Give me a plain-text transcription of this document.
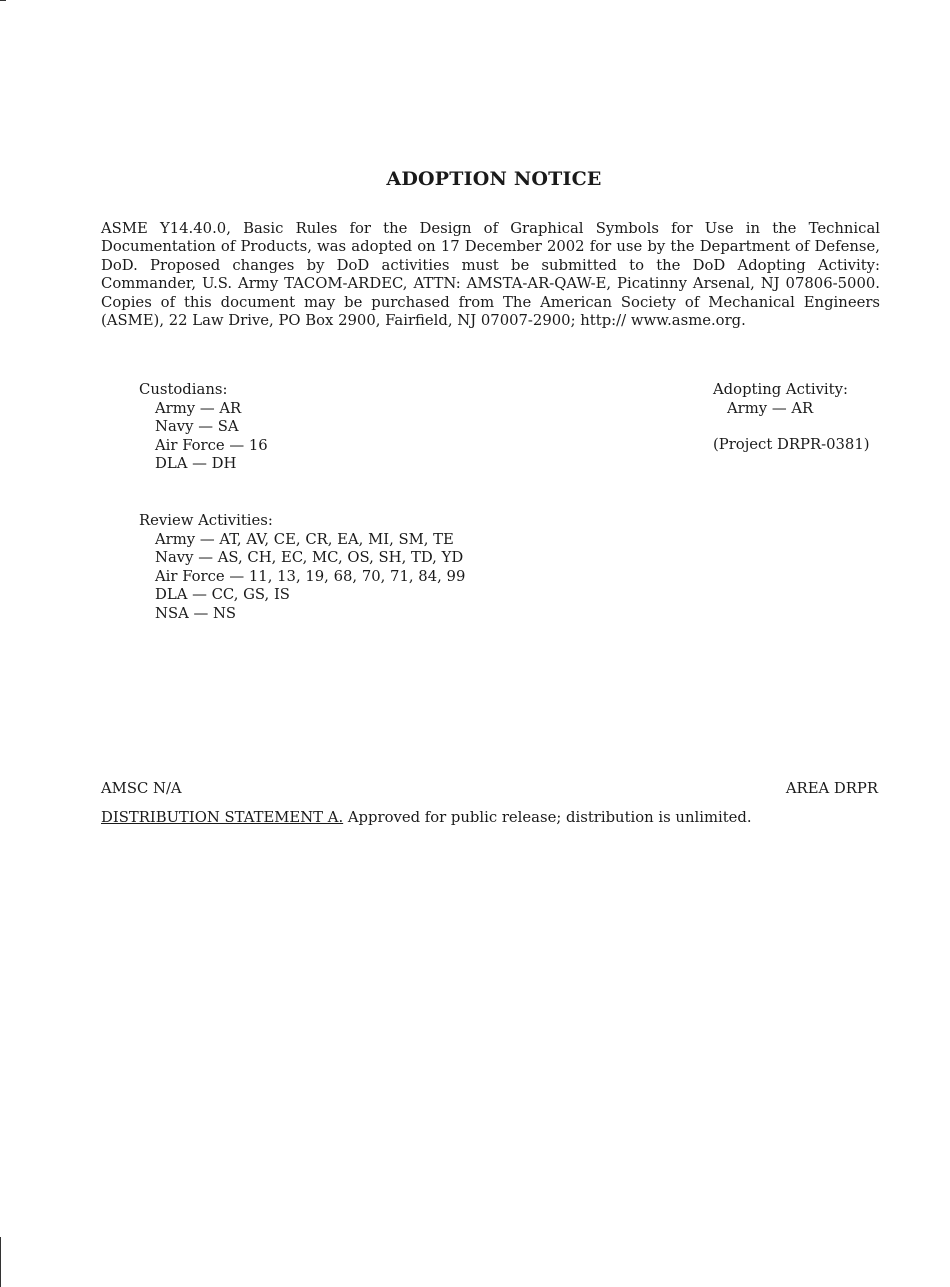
ADOPTION NOTICE
ASME Y14.40.0, Basic Rules for the Design of Graphical Symbols for Use in the Technical Documentation of Products, was adopted on 17 December 2002 for use by the Department of Defense, DoD. Proposed changes by DoD activities must be submitted to the DoD Adopting Activity: Commander, U.S. Army TACOM-ARDEC, ATTN: AMSTA-AR-QAW-E, Picatinny Arsenal, NJ 07806-5000. Copies of this document may be purchased from The American Society of Mechanical Engineers (ASME), 22 Law Drive, PO Box 2900, Fairfield, NJ 07007-2900; http:// www.asme.org.
Custodians:
Army — AR
Navy — SA
Air Force — 16
DLA — DH
Adopting Activity:
Army — AR
(Project DRPR-0381)
Review Activities:
Army — AT, AV, CE, CR, EA, MI, SM, TE
Navy — AS, CH, EC, MC, OS, SH, TD, YD
Air Force — 11, 13, 19, 68, 70, 71, 84, 99
DLA — CC, GS, IS
NSA — NS
AMSC N/A	AREA DRPR
DISTRIBUTION STATEMENT A. Approved for public release; distribution is unlimited.
